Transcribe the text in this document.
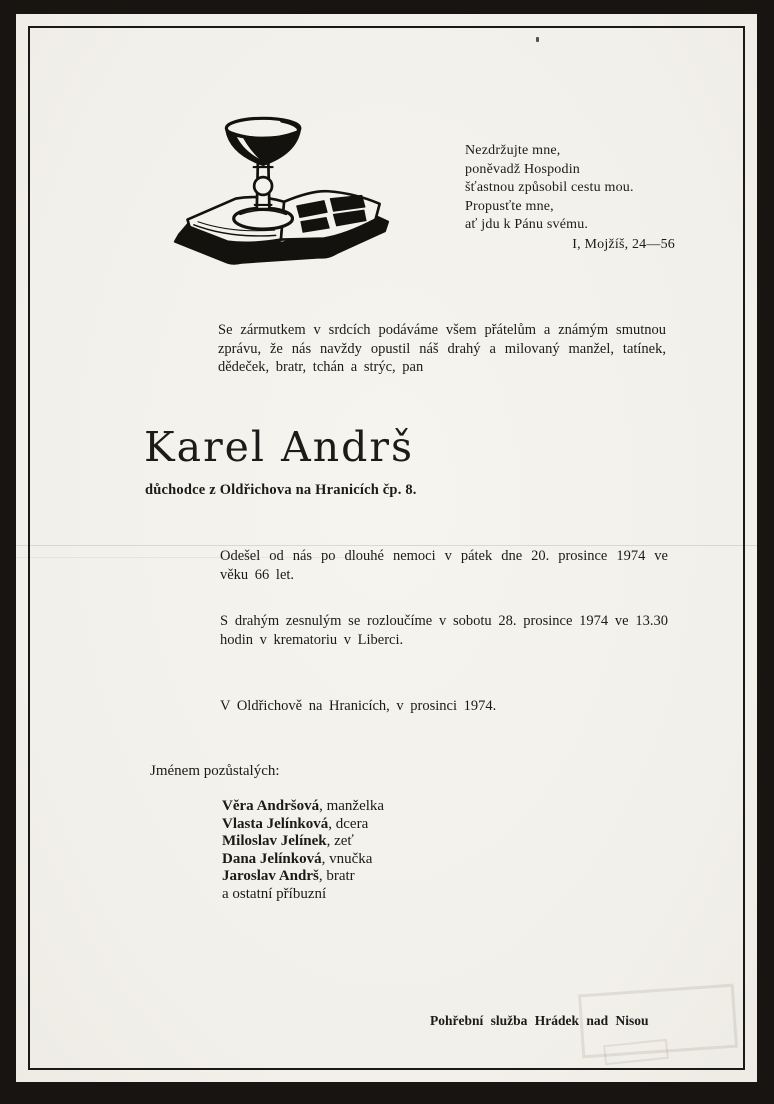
Nezdržujte mne,
poněvadž Hospodin
šťastnou způsobil cestu mou.
Propusťte mne,
ať jdu k Pánu svému.
I, Mojžíš, 24—56
Se zármutkem v srdcích podáváme všem přátelům a známým smutnou zprávu, že nás navždy opustil náš drahý a milovaný manžel, tatínek, dědeček, bratr, tchán a strýc, pan
Karel Andrš
důchodce z Oldřichova na Hranicích čp. 8.
Odešel od nás po dlouhé nemoci v pátek dne 20. prosince 1974 ve věku 66 let.
S drahým zesnulým se rozloučíme v sobotu 28. prosince 1974 ve 13.30 hodin v krematoriu v Liberci.
V Oldřichově na Hranicích, v prosinci 1974.
Jménem pozůstalých:
Věra Andršová , manželka
Vlasta Jelínková , dcera
Miloslav Jelínek , zeť
Dana Jelínková , vnučka
Jaroslav Andrš , bratr
a ostatní příbuzní
Pohřební služba Hrádek nad Nisou
